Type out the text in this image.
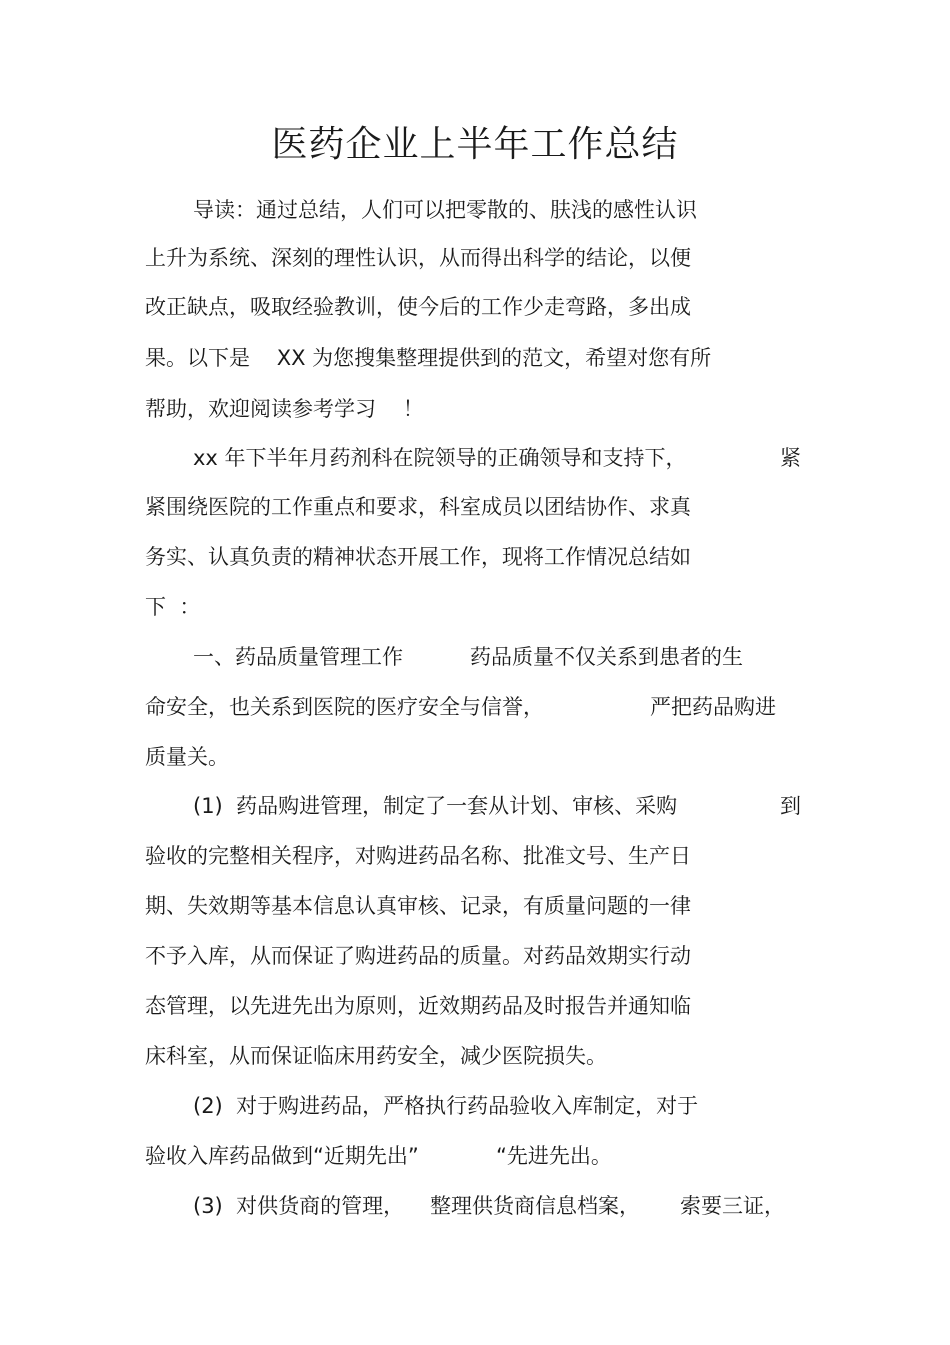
医药企业上半年工作总结
导读：通过总结，人们可以把零散的、肤浅的感性认识
上升为系统、深刻的理性认识，从而得出科学的结论，以便
改正缺点，吸取经验教训，使今后的工作少走弯路，多出成
果。以下是    XX 为您搜集整理提供到的范文，希望对您有所
帮助，欢迎阅读参考学习    ！
xx 年下半年月药剂科在院领导的正确领导和支持下，	紧
紧围绕医院的工作重点和要求，科室成员以团结协作、求真
务实、认真负责的精神状态开展工作，现将工作情况总结如
下  ：
一、药品质量管理工作	药品质量不仅关系到患者的生
命安全，也关系到医院的医疗安全与信誉，	严把药品购进
质量关。
(1)  药品购进管理，制定了一套从计划、审核、采购	到
验收的完整相关程序，对购进药品名称、批准文号、生产日
期、失效期等基本信息认真审核、记录，有质量问题的一律
不予入库，从而保证了购进药品的质量。对药品效期实行动
态管理，以先进先出为原则，近效期药品及时报告并通知临
床科室，从而保证临床用药安全，减少医院损失。
(2)  对于购进药品，严格执行药品验收入库制定，对于
验收入库药品做到“近期先出”	“先进先出。
(3)  对供货商的管理， 整理供货商信息档案， 索要三证，
